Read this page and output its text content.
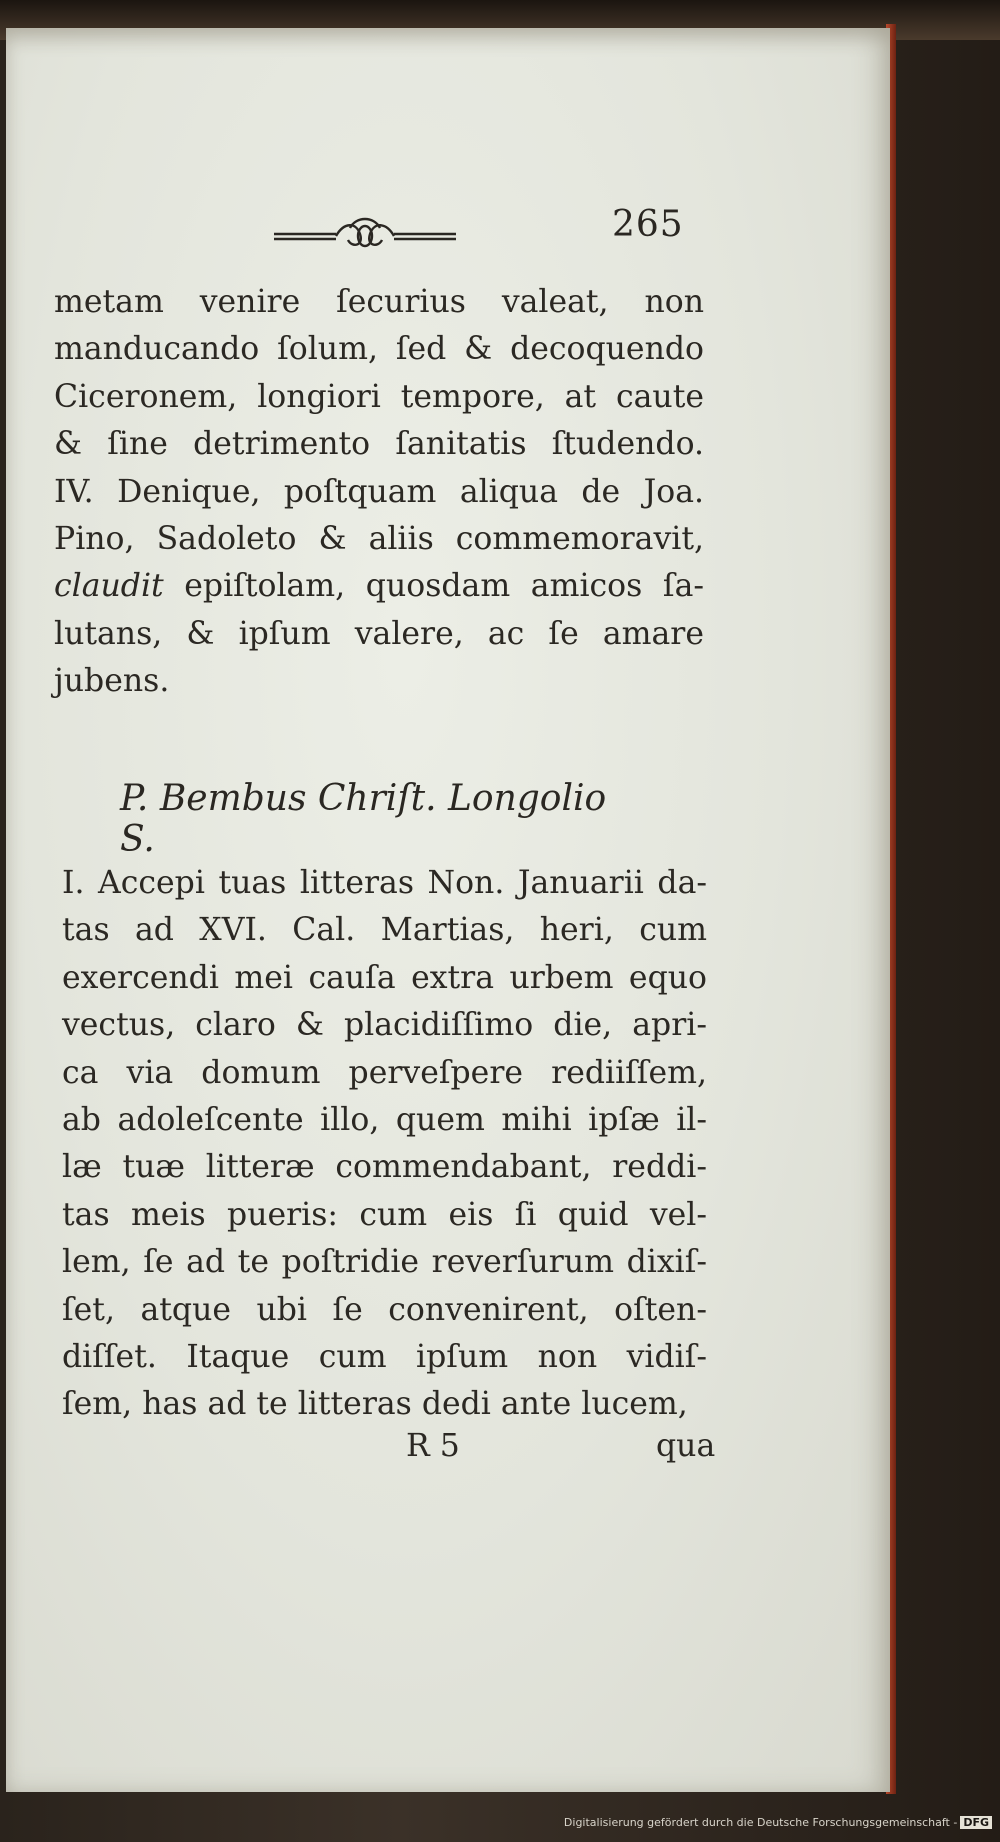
265
metam venire ſecurius valeat, non
manducando ſolum, ſed & decoquendo
Ciceronem, longiori tempore, at caute
& ſine detrimento ſanitatis ſtudendo.
IV. Denique, poſtquam aliqua de Joa.
Pino, Sadoleto & aliis commemoravit,
claudit epiſtolam, quosdam amicos ſa-
lutans, & ipſum valere, ac ſe amare
jubens.
P. Bembus Chriſt. Longolio S.
I. Accepi tuas litteras Non. Januarii da-
tas ad XVI. Cal. Martias, heri, cum
exercendi mei cauſa extra urbem equo
vectus, claro & placidiſſimo die, apri-
ca via domum perveſpere rediiſſem,
ab adoleſcente illo, quem mihi ipſæ il-
læ tuæ litteræ commendabant, reddi-
tas meis pueris: cum eis ſi quid vel-
lem, ſe ad te poſtridie reverſurum dixiſ-
ſet, atque ubi ſe convenirent, oſten-
diſſet. Itaque cum ipſum non vidiſ-
ſem, has ad te litteras dedi ante lucem,
R 5	qua
Digitalisierung gefördert durch die Deutsche Forschungsgemeinschaft - DFG
